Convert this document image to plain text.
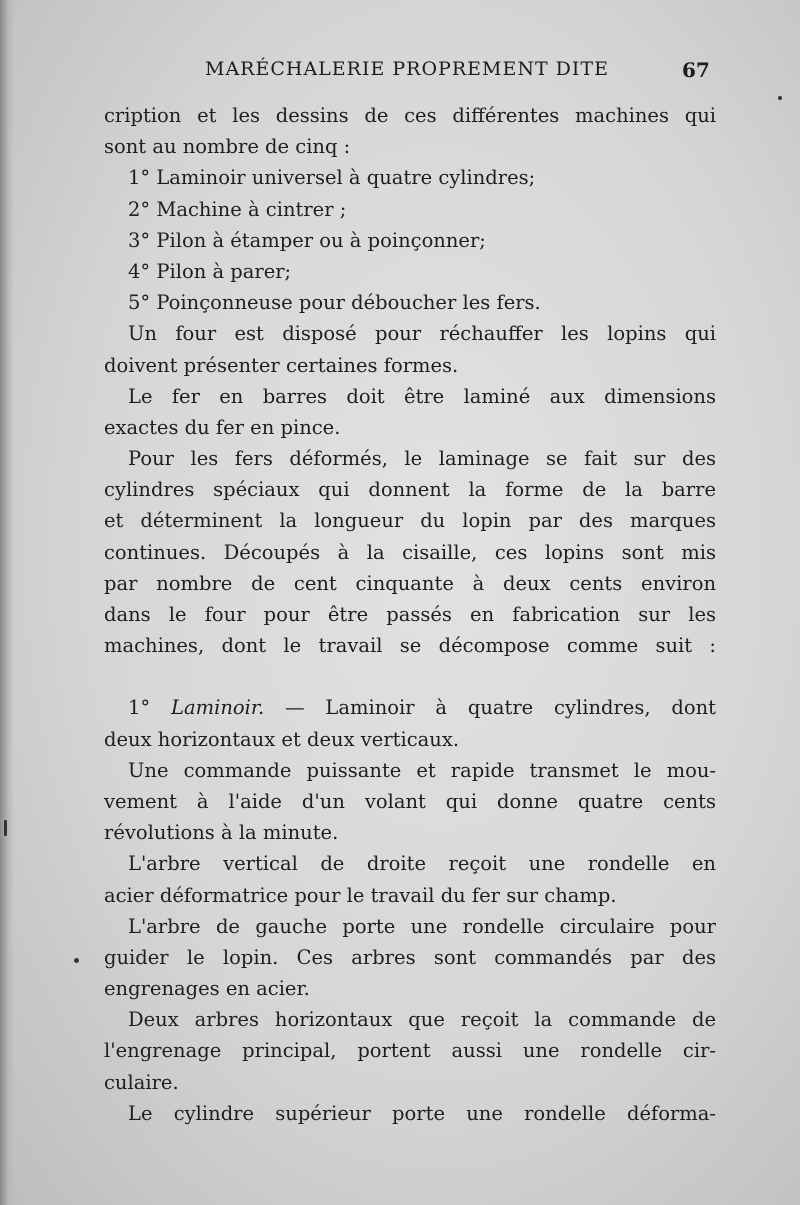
MARÉCHALERIE PROPREMENT DITE	67
cription et les dessins de ces différentes machines qui
sont au nombre de cinq :
1° Laminoir universel à quatre cylindres;
2° Machine à cintrer ;
3° Pilon à étamper ou à poinçonner;
4° Pilon à parer;
5° Poinçonneuse pour déboucher les fers.
Un four est disposé pour réchauffer les lopins qui
doivent présenter certaines formes.
Le fer en barres doit être laminé aux dimensions
exactes du fer en pince.
Pour les fers déformés, le laminage se fait sur des
cylindres spéciaux qui donnent la forme de la barre
et déterminent la longueur du lopin par des marques
continues. Découpés à la cisaille, ces lopins sont mis
par nombre de cent cinquante à deux cents environ
dans le four pour être passés en fabrication sur les
machines, dont le travail se décompose comme suit :
1° Laminoir. — Laminoir à quatre cylindres, dont
deux horizontaux et deux verticaux.
Une commande puissante et rapide transmet le mou-
vement à l'aide d'un volant qui donne quatre cents
révolutions à la minute.
L'arbre vertical de droite reçoit une rondelle en
acier déformatrice pour le travail du fer sur champ.
L'arbre de gauche porte une rondelle circulaire pour
guider le lopin. Ces arbres sont commandés par des
engrenages en acier.
Deux arbres horizontaux que reçoit la commande de
l'engrenage principal, portent aussi une rondelle cir-
culaire.
Le cylindre supérieur porte une rondelle déforma-
